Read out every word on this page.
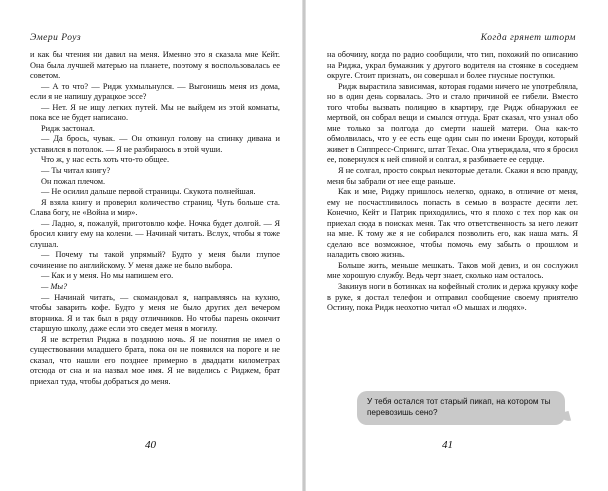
Эмери Роуз

и как бы чтения ни давил на меня. Именно это я сказала мне Кейт. Она была лучшей матерью на планете, поэтому я воспользовалась ее советом.

— А то что? — Ридж ухмыльнулся. — Выгонишь меня из дома, если я не напишу дурацкое эссе?

— Нет. Я не ищу легких путей. Мы не выйдем из этой комнаты, пока все не будет написано.

Ридж застонал.

— Да брось, чувак. — Он откинул голову на спинку дивана и уставился в потолок. — Я не разбираюсь в этой чуши.

Что ж, у нас есть хоть что-то общее.

— Ты читал книгу?

Он пожал плечом.

— Не осилил дальше первой страницы. Скукота полнейшая.

Я взяла книгу и проверил количество страниц. Чуть больше ста. Слава богу, не «Война и мир».

— Ладно, я, пожалуй, приготовлю кофе. Ночка будет долгой. — Я бросил книгу ему на колени. — Начинай читать. Вслух, чтобы я тоже слушал.

— Почему ты такой упрямый? Будто у меня были глупое сочинение по английскому. У меня даже не было выбора.

— Как и у меня. Но мы напишем его.

— Мы?

— Начинай читать, — скомандовал я, направляясь на кухню, чтобы заварить кофе. Будто у меня не было других дел вечером вторника. Я и так был в ряду отличников. Но чтобы парень окончит старшую школу, даже если это сведет меня в могилу.

Я не встретил Риджа в позднюю ночь. Я не понятия не имел о существовании младшего брата, пока он не появился на пороге и не сказал, что нашли его позднее примерно в двадцати километрах отсюда от сна и на назвал мое имя. Я не виделись с Риджем, брат приехал туда, чтобы добраться до меня.

40
Когда грянет шторм

на обочину, когда по радио сообщили, что тип, похожий по описанию на Риджа, украл бумажник у другого водителя на стоянке в соседнем округе. Стоит признать, он совершал и более гнусные поступки.

Ридж вырастила зависимая, которая годами ничего не употребляла, но в один день сорвалась. Это и стало причиной ее гибели. Вместо того чтобы вызвать полицию в квартиру, где Ридж обнаружил ее мертвой, он собрал вещи и смылся оттуда. Брат сказал, что узнал обо мне только за полгода до смерти нашей матери. Она как-то обмолвилась, что у ее есть еще один сын по имени Броуди, который живет в Сиппресс-Спрингс, штат Техас. Она утверждала, что я бросил ее, повернулся к ней спиной и солгал, я разбиваете ее сердце.

Я не солгал, просто сокрыл некоторые детали. Скажи я всю правду, меня бы забрали от нее еще раньше.

Как и мне, Риджу пришлось нелегко, однако, в отличие от меня, ему не посчастливилось попасть в семью в возрасте десяти лет. Конечно, Кейт и Патрик приходились, что я плохо с тех пор как он приехал сюда в поисках меня. Так что ответственность за него лежит на мне. К тому же я не собирался позволить его, как наша мать. Я сделаю все возможное, чтобы помочь ему забыть о прошлом и наладить свою жизнь.

Больше жить, меньше мешкать. Таков мой девиз, и он сослужил мне хорошую службу. Ведь черт знает, сколько нам осталось.

Закинув ноги в ботинках на кофейный столик и держа кружку кофе в руке, я достал телефон и отправил сообщение своему приятелю Остину, пока Ридж неохотно читал «О мышах и людях».

У тебя остался тот старый пикап, на котором ты перевозишь сено?
41
